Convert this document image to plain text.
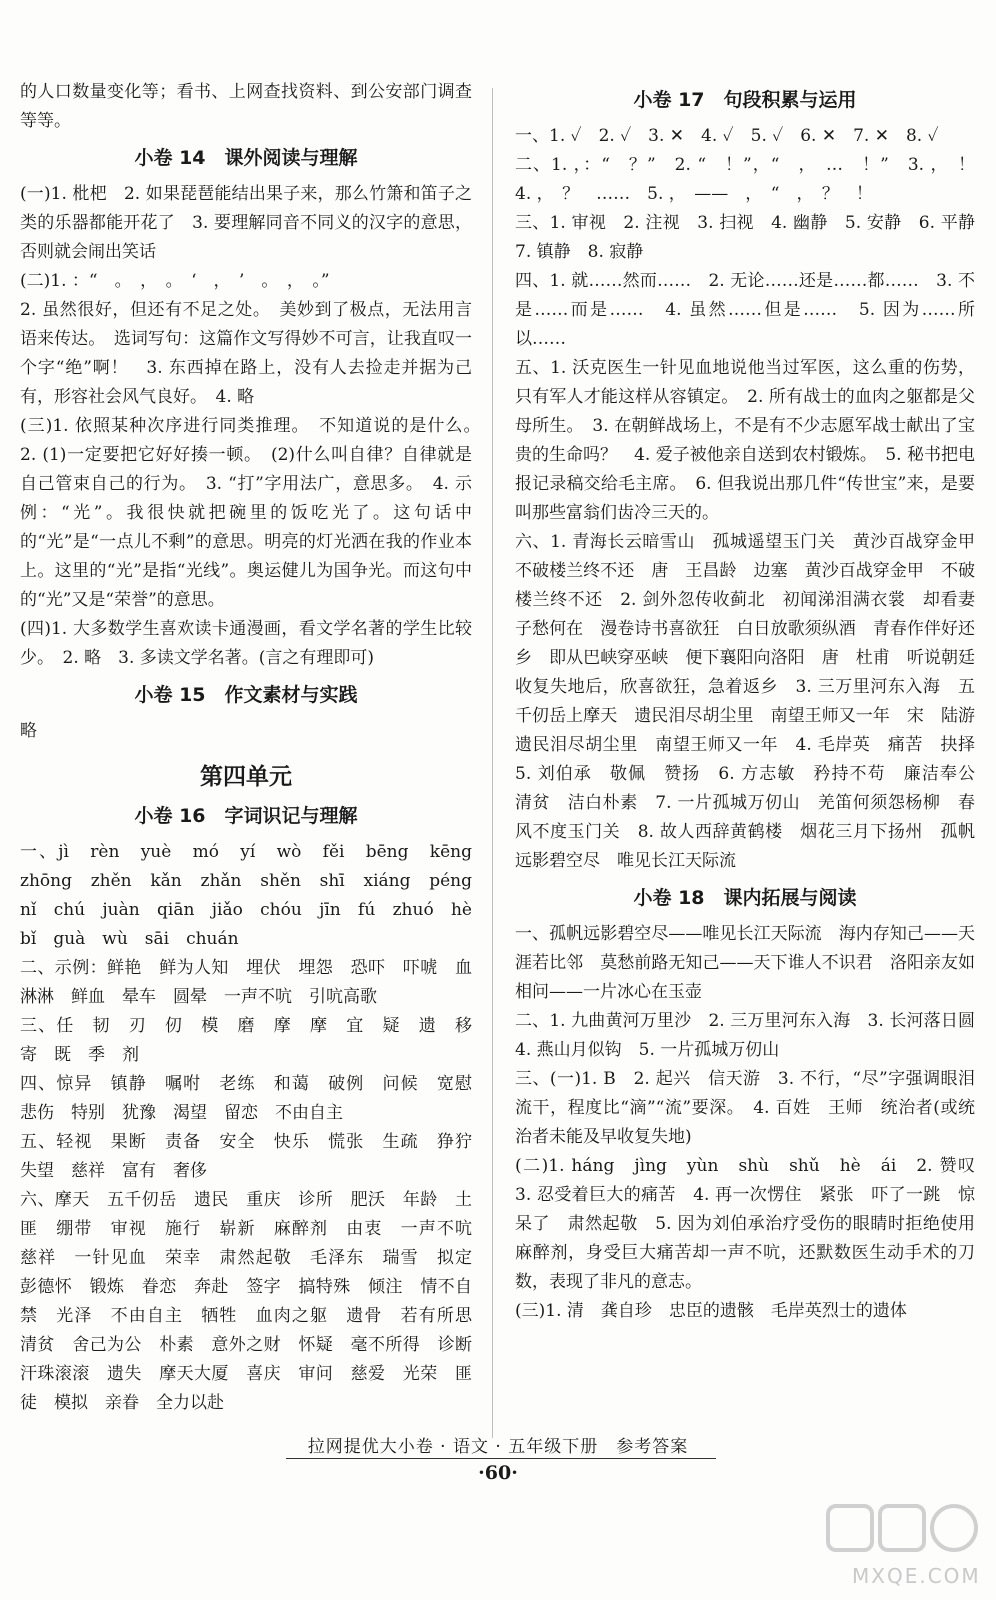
的人口数量变化等；看书、上网查找资料、到公安部门调查等等。
小卷 14　课外阅读与理解
(一)1. 枇杷　2. 如果琵琶能结出果子来，那么竹箫和笛子之类的乐器都能开花了　3. 要理解同音不同义的汉字的意思，否则就会闹出笑话
(二)1. ：“　。　，　。　‘　，　’　。　，　。”
2. 虽然很好，但还有不足之处。　美妙到了极点，无法用言语来传达。　选词写句：这篇作文写得妙不可言，让我直叹一个字“绝”啊！　3. 东西掉在路上，没有人去捡走并据为己有，形容社会风气良好。　4. 略
(三)1. 依照某种次序进行同类推理。　不知道说的是什么。　2. (1)一定要把它好好揍一顿。　(2)什么叫自律？自律就是自己管束自己的行为。　3. “打”字用法广，意思多。　4. 示例：“光”。我很快就把碗里的饭吃光了。这句话中的“光”是“一点儿不剩”的意思。明亮的灯光洒在我的作业本上。这里的“光”是指“光线”。奥运健儿为国争光。而这句中的“光”又是“荣誉”的意思。
(四)1. 大多数学生喜欢读卡通漫画，看文学名著的学生比较少。　2. 略　3. 多读文学名著。(言之有理即可)
小卷 15　作文素材与实践
略
第四单元
小卷 16　字词识记与理解
一、jì　rèn　yuè　mó　yí　wò　fěi　bēng　kēng　zhōng　zhěn　kǎn　zhǎn　shěn　shī　xiáng　péng　nǐ　chú　juàn　qiān　jiǎo　chóu　jīn　fú　zhuó　hè　bǐ　guà　wù　sāi　chuán
二、示例：鲜艳　鲜为人知　埋伏　埋怨　恐吓　吓唬　血淋淋　鲜血　晕车　圆晕　一声不吭　引吭高歌
三、任　韧　刃　仞　模　磨　摩　摩　宜　疑　遗　移　寄　既　季　剂
四、惊异　镇静　嘱咐　老练　和蔼　破例　问候　宽慰　悲伤　特别　犹豫　渴望　留恋　不由自主
五、轻视　果断　责备　安全　快乐　慌张　生疏　狰狞　失望　慈祥　富有　奢侈
六、摩天　五千仞岳　遗民　重庆　诊所　肥沃　年龄　土匪　绷带　审视　施行　崭新　麻醉剂　由衷　一声不吭　慈祥　一针见血　荣幸　肃然起敬　毛泽东　瑞雪　拟定　彭德怀　锻炼　眷恋　奔赴　签字　搞特殊　倾注　情不自禁　光泽　不由自主　牺牲　血肉之躯　遗骨　若有所思　清贫　舍己为公　朴素　意外之财　怀疑　毫不所得　诊断　汗珠滚滚　遗失　摩天大厦　喜庆　审问　慈爱　光荣　匪徒　模拟　亲眷　全力以赴
小卷 17　句段积累与运用
一、1. ✓　2. ✓　3. ✕　4. ✓　5. ✓　6. ✕　7. ✕　8. ✓
二、1. ，：“　？”　2. “　！”，“　，　…　！”　3. ，　！　4. ，　？　……　5. ，　——　，　“　，　？　！
三、1. 审视　2. 注视　3. 扫视　4. 幽静　5. 安静　6. 平静　7. 镇静　8. 寂静
四、1. 就……然而……　2. 无论……还是……都……　3. 不是……而是……　4. 虽然……但是……　5. 因为……所以……
五、1. 沃克医生一针见血地说他当过军医，这么重的伤势，只有军人才能这样从容镇定。　2. 所有战士的血肉之躯都是父母所生。　3. 在朝鲜战场上，不是有不少志愿军战士献出了宝贵的生命吗？　4. 爱子被他亲自送到农村锻炼。　5. 秘书把电报记录稿交给毛主席。　6. 但我说出那几件“传世宝”来，是要叫那些富翁们齿冷三天的。
六、1. 青海长云暗雪山　孤城遥望玉门关　黄沙百战穿金甲　不破楼兰终不还　唐　王昌龄　边塞　黄沙百战穿金甲　不破楼兰终不还　2. 剑外忽传收蓟北　初闻涕泪满衣裳　却看妻子愁何在　漫卷诗书喜欲狂　白日放歌须纵酒　青春作伴好还乡　即从巴峡穿巫峡　便下襄阳向洛阳　唐　杜甫　听说朝廷收复失地后，欣喜欲狂，急着返乡　3. 三万里河东入海　五千仞岳上摩天　遗民泪尽胡尘里　南望王师又一年　宋　陆游　遗民泪尽胡尘里　南望王师又一年　4. 毛岸英　痛苦　抉择　5. 刘伯承　敬佩　赞扬　6. 方志敏　矜持不苟　廉洁奉公　清贫　洁白朴素　7. 一片孤城万仞山　羌笛何须怨杨柳　春风不度玉门关　8. 故人西辞黄鹤楼　烟花三月下扬州　孤帆远影碧空尽　唯见长江天际流
小卷 18　课内拓展与阅读
一、孤帆远影碧空尽——唯见长江天际流　海内存知己——天涯若比邻　莫愁前路无知己——天下谁人不识君　洛阳亲友如相问——一片冰心在玉壶
二、1. 九曲黄河万里沙　2. 三万里河东入海　3. 长河落日圆　4. 燕山月似钩　5. 一片孤城万仞山
三、(一)1. B　2. 起兴　信天游　3. 不行，“尽”字强调眼泪流干，程度比“滴”“流”要深。　4. 百姓　王师　统治者(或统治者未能及早收复失地)
(二)1. háng　jìng　yùn　shù　shǔ　hè　ái　2. 赞叹　3. 忍受着巨大的痛苦　4. 再一次愣住　紧张　吓了一跳　惊呆了　肃然起敬　5. 因为刘伯承治疗受伤的眼睛时拒绝使用麻醉剂，身受巨大痛苦却一声不吭，还默数医生动手术的刀数，表现了非凡的意志。
(三)1. 清　龚自珍　忠臣的遗骸　毛岸英烈士的遗体
拉网提优大小卷 · 语文 · 五年级下册　参考答案
·60·
MXQE.COM
